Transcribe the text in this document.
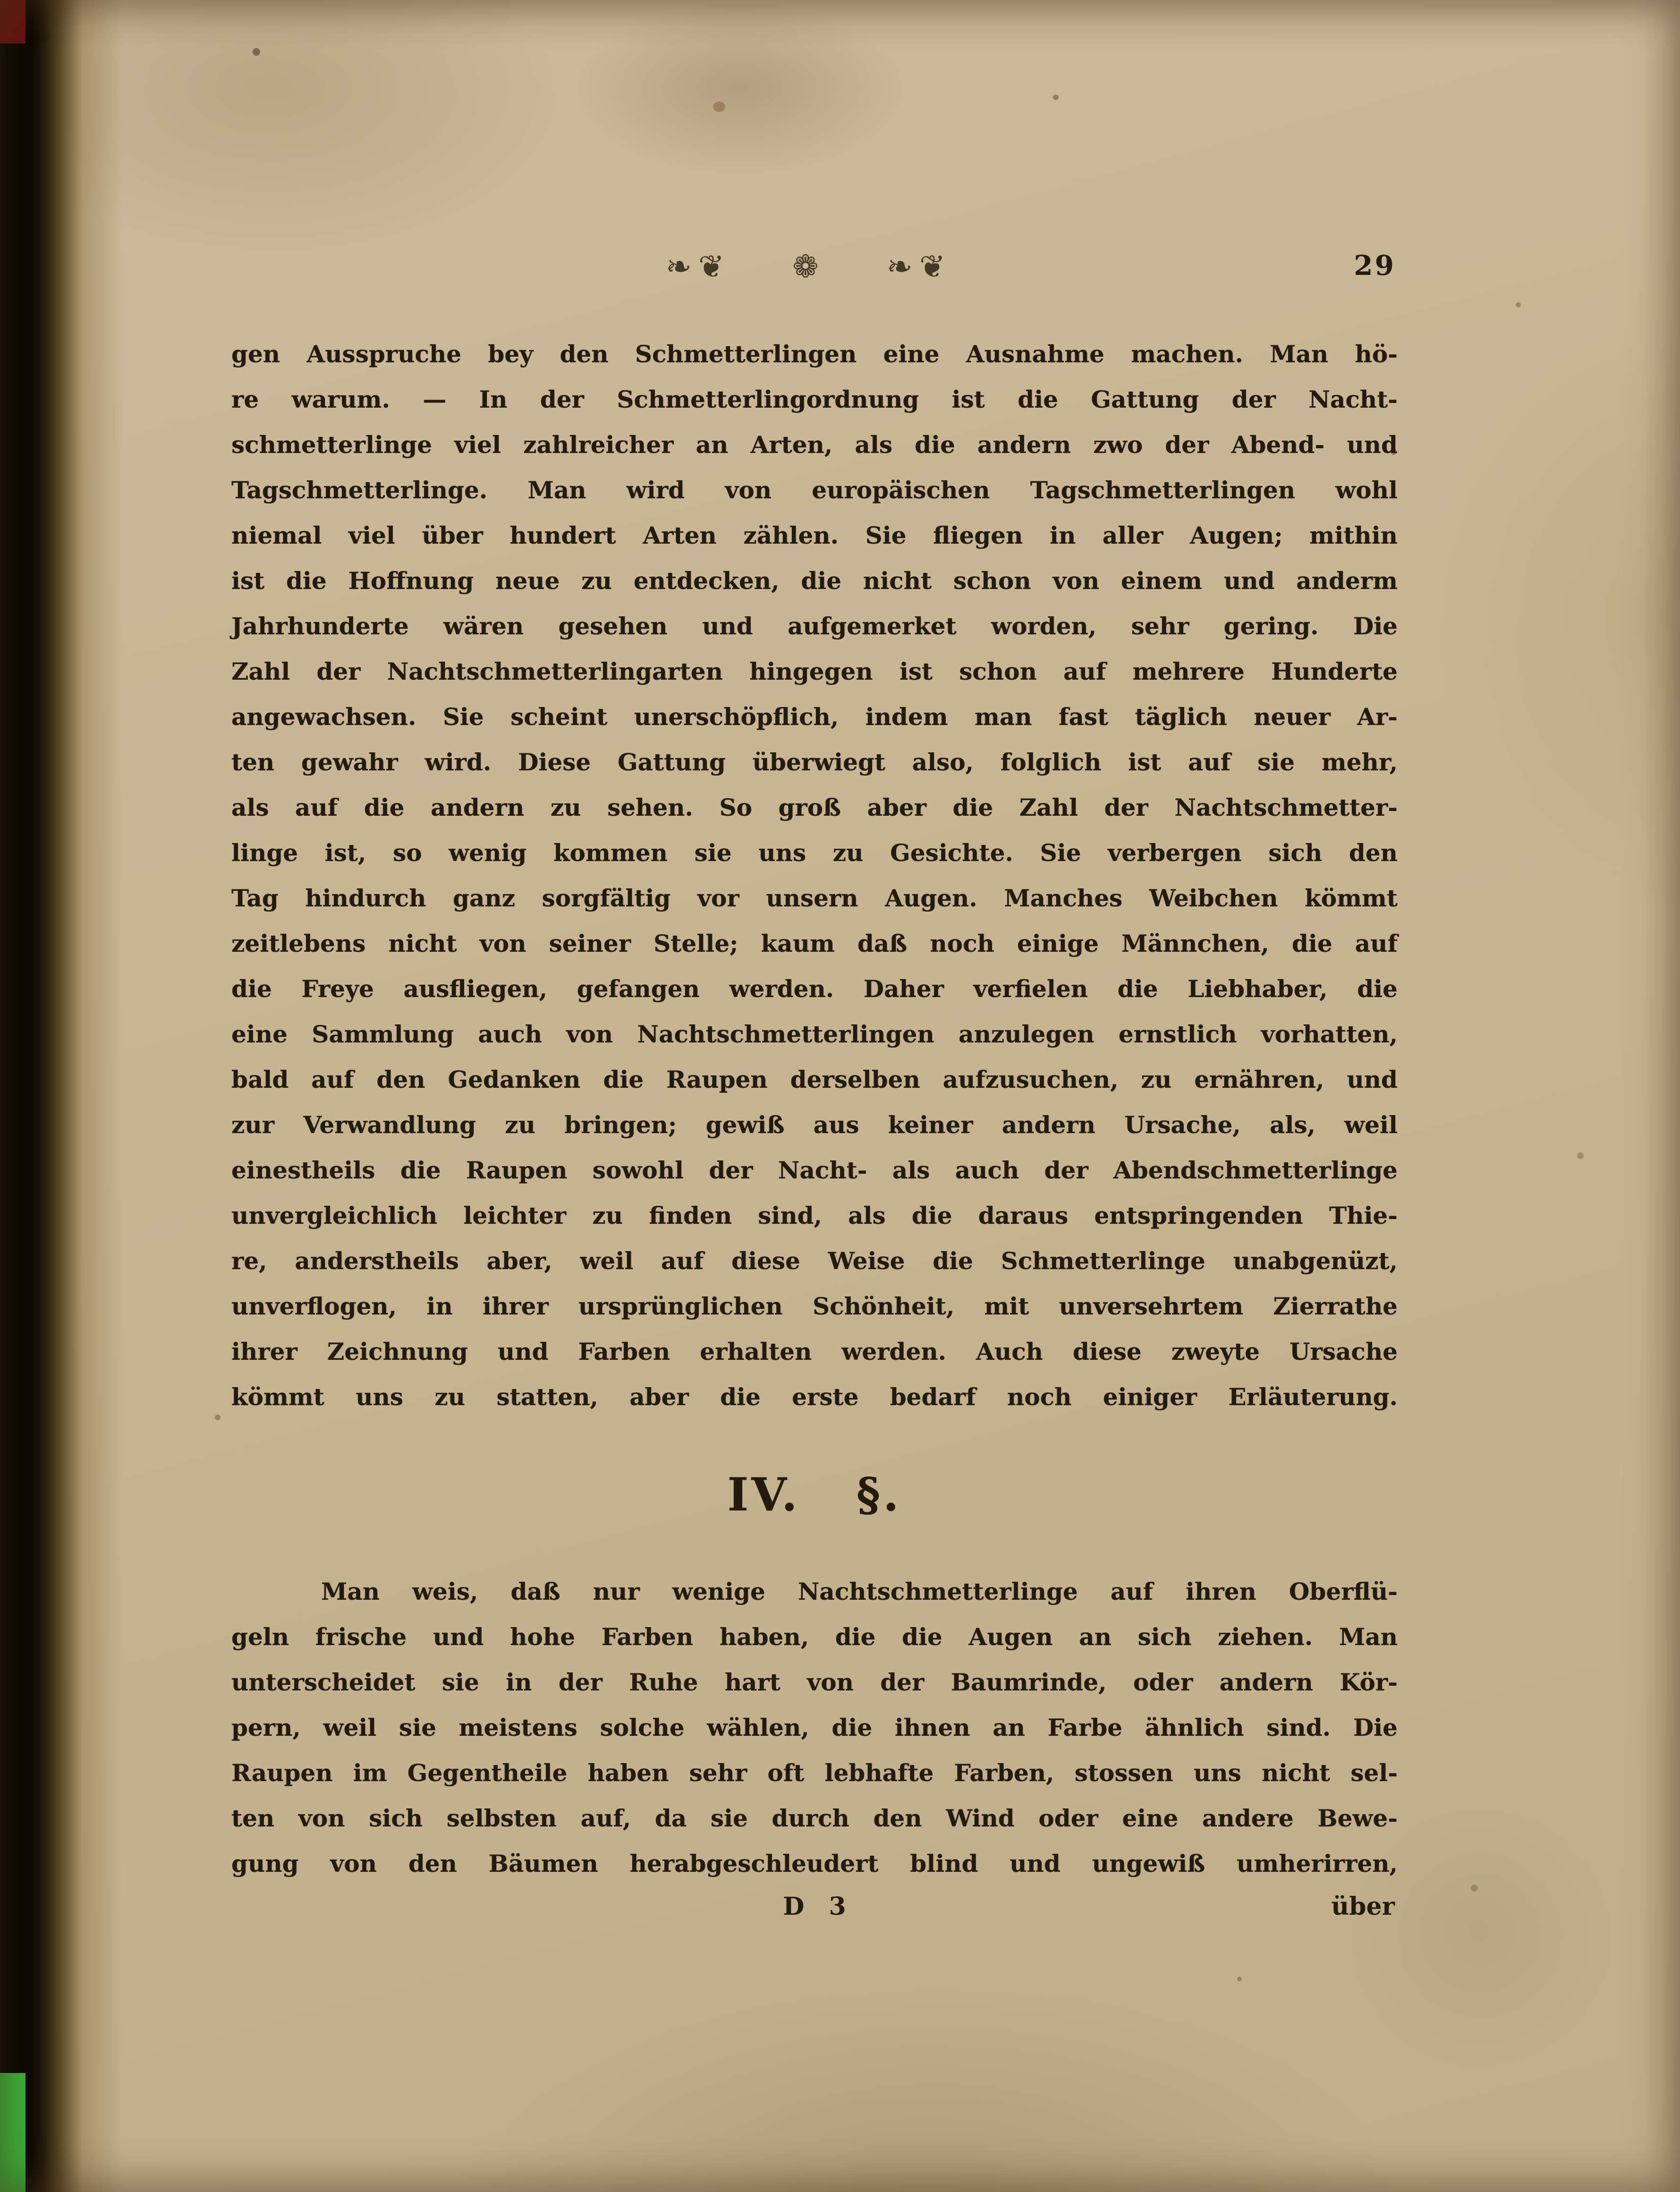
❧❦ ❁ ❧❦	29
gen Ausspruche bey den Schmetterlingen eine Ausnahme machen. Man hö-
re warum. — In der Schmetterlingordnung ist die Gattung der Nacht-
schmetterlinge viel zahlreicher an Arten, als die andern zwo der Abend- und
Tagschmetterlinge. Man wird von europäischen Tagschmetterlingen wohl
niemal viel über hundert Arten zählen. Sie fliegen in aller Augen; mithin
ist die Hoffnung neue zu entdecken, die nicht schon von einem und anderm
Jahrhunderte wären gesehen und aufgemerket worden, sehr gering. Die
Zahl der Nachtschmetterlingarten hingegen ist schon auf mehrere Hunderte
angewachsen. Sie scheint unerschöpflich, indem man fast täglich neuer Ar-
ten gewahr wird. Diese Gattung überwiegt also, folglich ist auf sie mehr,
als auf die andern zu sehen. So groß aber die Zahl der Nachtschmetter-
linge ist, so wenig kommen sie uns zu Gesichte. Sie verbergen sich den
Tag hindurch ganz sorgfältig vor unsern Augen. Manches Weibchen kömmt
zeitlebens nicht von seiner Stelle; kaum daß noch einige Männchen, die auf
die Freye ausfliegen, gefangen werden. Daher verfielen die Liebhaber, die
eine Sammlung auch von Nachtschmetterlingen anzulegen ernstlich vorhatten,
bald auf den Gedanken die Raupen derselben aufzusuchen, zu ernähren, und
zur Verwandlung zu bringen; gewiß aus keiner andern Ursache, als, weil
einestheils die Raupen sowohl der Nacht- als auch der Abendschmetterlinge
unvergleichlich leichter zu finden sind, als die daraus entspringenden Thie-
re, anderstheils aber, weil auf diese Weise die Schmetterlinge unabgenüzt,
unverflogen, in ihrer ursprünglichen Schönheit, mit unversehrtem Zierrathe
ihrer Zeichnung und Farben erhalten werden. Auch diese zweyte Ursache
kömmt uns zu statten, aber die erste bedarf noch einiger Erläuterung.
IV. §.
Man weis, daß nur wenige Nachtschmetterlinge auf ihren Oberflü-
geln frische und hohe Farben haben, die die Augen an sich ziehen. Man
unterscheidet sie in der Ruhe hart von der Baumrinde, oder andern Kör-
pern, weil sie meistens solche wählen, die ihnen an Farbe ähnlich sind. Die
Raupen im Gegentheile haben sehr oft lebhafte Farben, stossen uns nicht sel-
ten von sich selbsten auf, da sie durch den Wind oder eine andere Bewe-
gung von den Bäumen herabgeschleudert blind und ungewiß umherirren,
D 3	über
